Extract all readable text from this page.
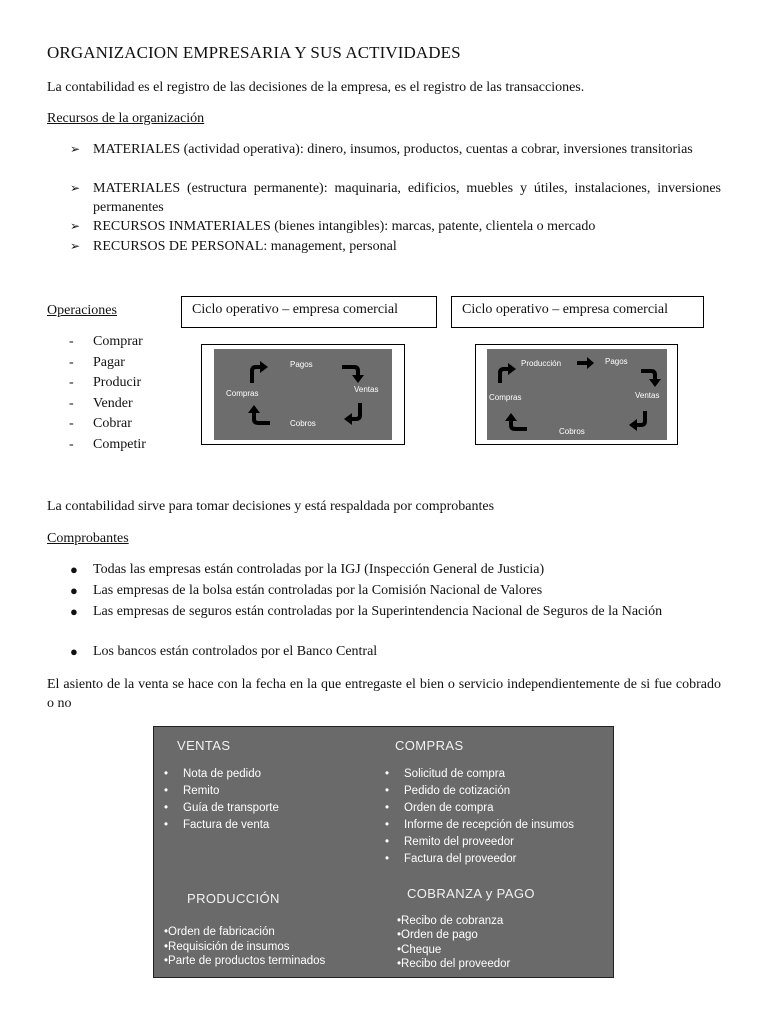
ORGANIZACION EMPRESARIA Y SUS ACTIVIDADES
La contabilidad es el registro de las decisiones de la empresa, es el registro de las transacciones.
Recursos de la organización
➢ MATERIALES (actividad operativa): dinero, insumos, productos, cuentas a cobrar, inversiones transitorias
➢ MATERIALES (estructura permanente): maquinaria, edificios, muebles y útiles, instalaciones, inversiones permanentes
➢ RECURSOS INMATERIALES (bienes intangibles): marcas, patente, clientela o mercado
➢ RECURSOS DE PERSONAL: management, personal
Operaciones
- Comprar
- Pagar
- Producir
- Vender
- Cobrar
- Competir
Ciclo operativo – empresa comercial
Pagos
Ventas
Compras
Cobros
Ciclo operativo – empresa comercial
Producción	Pagos
Compras	Ventas
Cobros
La contabilidad sirve para tomar decisiones y está respaldada por comprobantes
Comprobantes
● Todas las empresas están controladas por la IGJ (Inspección General de Justicia)
● Las empresas de la bolsa están controladas por la Comisión Nacional de Valores
● Las empresas de seguros están controladas por la Superintendencia Nacional de Seguros de la Nación
● Los bancos están controlados por el Banco Central
El asiento de la venta se hace con la fecha en la que entregaste el bien o servicio independientemente de si fue cobrado o no
VENTAS
• Nota de pedido
• Remito
• Guía de transporte
• Factura de venta
COMPRAS
• Solicitud de compra
• Pedido de cotización
• Orden de compra
• Informe de recepción de insumos
• Remito del proveedor
• Factura del proveedor
PRODUCCIÓN
•Orden de fabricación
•Requisición de insumos
•Parte de productos terminados
COBRANZA y PAGO
•Recibo de cobranza
•Orden de pago
•Cheque
•Recibo del proveedor
